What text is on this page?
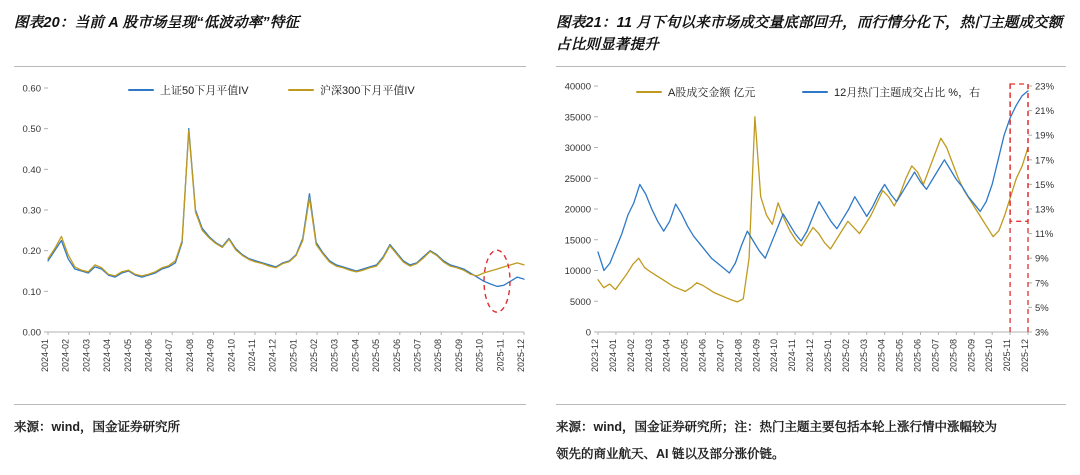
图表20：当前 A 股市场呈现“低波动率”特征
上证50下月平值IV	沪深300下月平值IV
0.00
0.10
0.20
0.30
0.40
0.50
0.60
2024-01 2024-02 2024-03 2024-04 2024-05 2024-06 2024-07 2024-08 2024-09 2024-10 2024-11 2024-12 2025-01 2025-02 2025-03 2025-04 2025-05 2025-06 2025-07 2025-08 2025-09 2025-10 2025-11 2025-12
来源：wind，国金证券研究所
图表21：11 月下旬以来市场成交量底部回升，而行情分化下，热门主题成交额占比则显著提升
A股成交金额 亿元	12月热门主题成交占比 %，右
0
5000
10000
15000
20000
25000
30000
35000
40000
3%
5%
7%
9%
11%
13%
15%
17%
19%
21%
23%
2023-12 2024-01 2024-02 2024-03 2024-04 2024-05 2024-06 2024-07 2024-08 2024-09 2024-10 2024-11 2024-12 2025-01 2025-02 2025-03 2025-04 2025-05 2025-06 2025-07 2025-08 2025-09 2025-10 2025-11 2025-12
来源：wind，国金证券研究所；注：热门主题主要包括本轮上涨行情中涨幅较为
领先的商业航天、AI 链以及部分涨价链。
